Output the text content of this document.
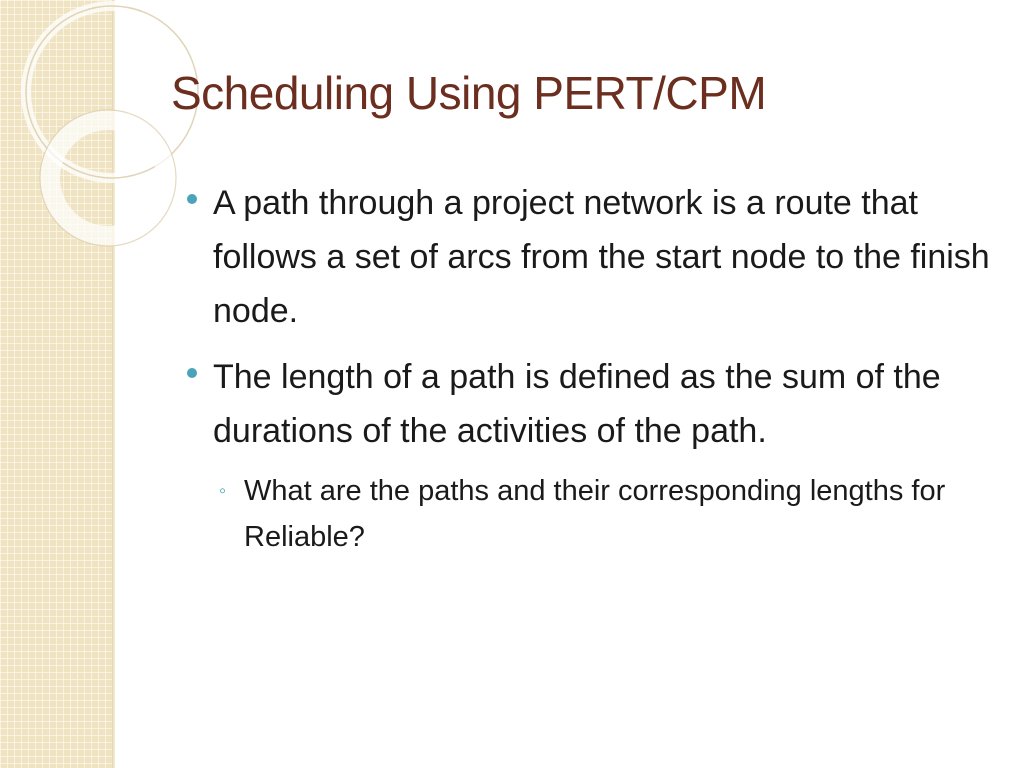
Scheduling Using PERT/CPM
A path through a project network is a route that follows a set of arcs from the start node to the finish node.
The length of a path is defined as the sum of the durations of the activities of the path.
◦ What are the paths and their corresponding lengths for Reliable?
